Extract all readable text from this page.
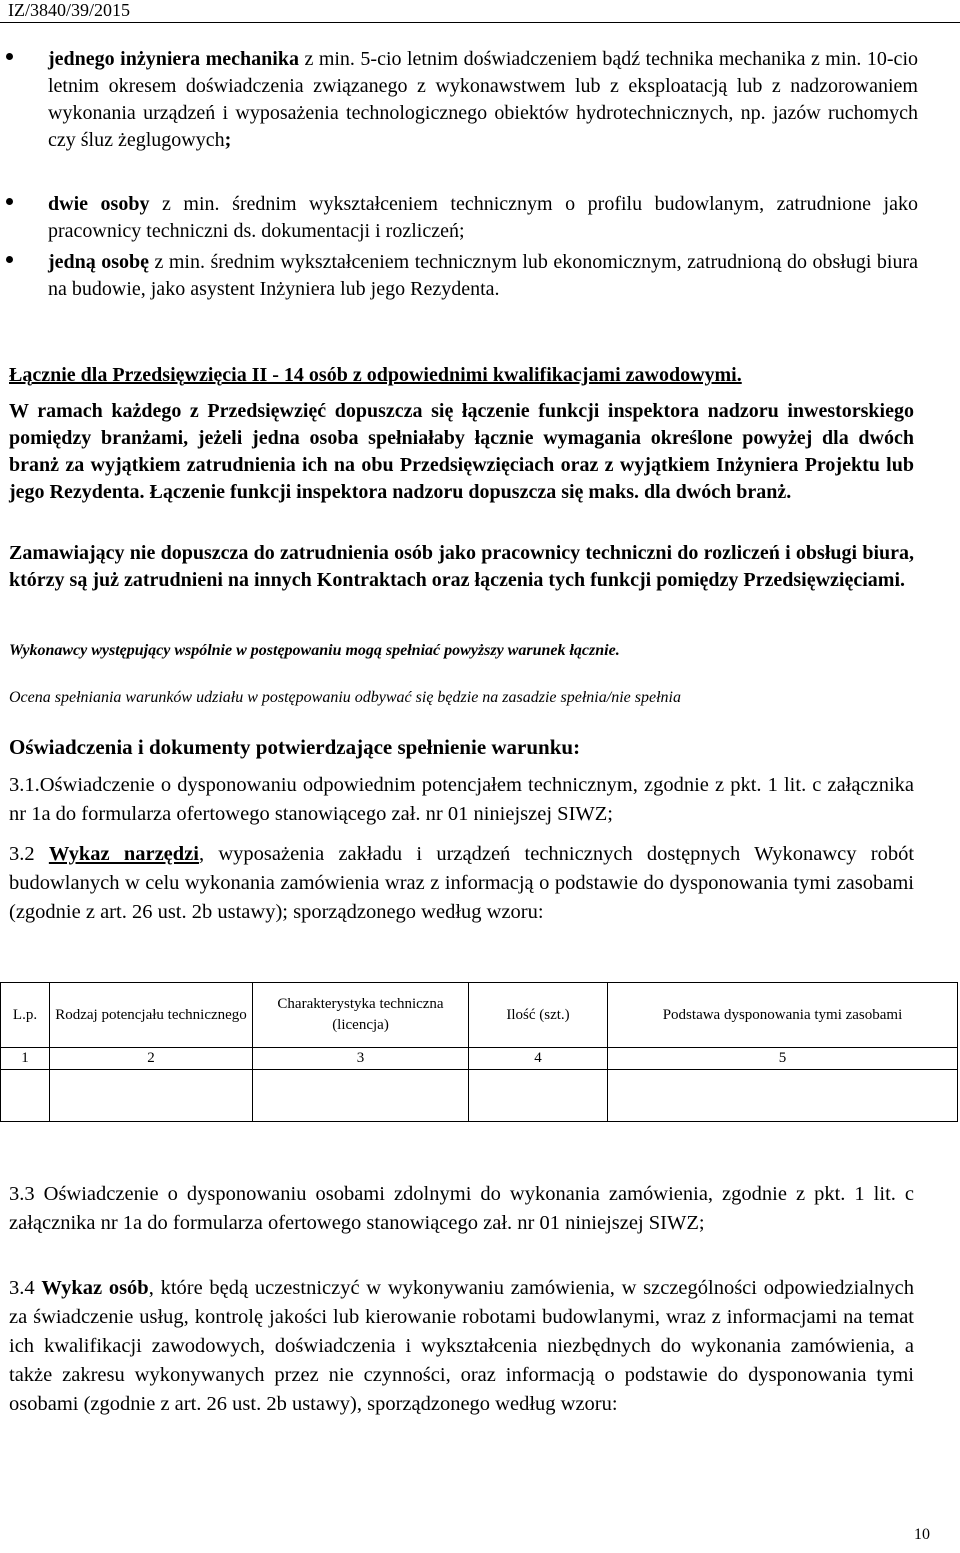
IZ/3840/39/2015
jednego inżyniera mechanika z min. 5-cio letnim doświadczeniem bądź technika mechanika z min. 10-cio letnim okresem doświadczenia związanego z wykonawstwem lub z eksploatacją lub z nadzorowaniem wykonania urządzeń i wyposażenia technologicznego obiektów hydrotechnicznych, np. jazów ruchomych czy śluz żeglugowych;
dwie osoby z min. średnim wykształceniem technicznym o profilu budowlanym, zatrudnione jako pracownicy techniczni ds. dokumentacji i rozliczeń;
jedną osobę z min. średnim wykształceniem technicznym lub ekonomicznym, zatrudnioną do obsługi biura na budowie, jako asystent Inżyniera lub jego Rezydenta.
Łącznie dla Przedsięwzięcia II - 14 osób z odpowiednimi kwalifikacjami zawodowymi.
W ramach każdego z Przedsięwzięć dopuszcza się łączenie funkcji inspektora nadzoru inwestorskiego pomiędzy branżami, jeżeli jedna osoba spełniałaby łącznie wymagania określone powyżej dla dwóch branż za wyjątkiem zatrudnienia ich na obu Przedsięwzięciach oraz z wyjątkiem Inżyniera Projektu lub jego Rezydenta. Łączenie funkcji inspektora nadzoru dopuszcza się maks. dla dwóch branż.
Zamawiający nie dopuszcza do zatrudnienia osób jako pracownicy techniczni do rozliczeń i obsługi biura, którzy są już zatrudnieni na innych Kontraktach oraz łączenia tych funkcji pomiędzy Przedsięwzięciami.
Wykonawcy występujący wspólnie w postępowaniu mogą spełniać powyższy warunek łącznie.
Ocena spełniania warunków udziału w postępowaniu odbywać się będzie na zasadzie spełnia/nie spełnia
Oświadczenia i dokumenty potwierdzające spełnienie warunku:
3.1.Oświadczenie o dysponowaniu odpowiednim potencjałem technicznym, zgodnie z pkt. 1 lit. c załącznika nr 1a do formularza ofertowego stanowiącego zał. nr 01 niniejszej SIWZ;
3.2 Wykaz narzędzi, wyposażenia zakładu i urządzeń technicznych dostępnych Wykonawcy robót budowlanych w celu wykonania zamówienia wraz z informacją o podstawie do dysponowania tymi zasobami (zgodnie z art. 26 ust. 2b ustawy); sporządzonego według wzoru:
L.p.	Rodzaj potencjału technicznego	Charakterystyka techniczna (licencja)	Ilość (szt.)	Podstawa dysponowania tymi zasobami
1	2	3	4	5

3.3 Oświadczenie o dysponowaniu osobami zdolnymi do wykonania zamówienia, zgodnie z pkt. 1 lit. c załącznika nr 1a do formularza ofertowego stanowiącego zał. nr 01 niniejszej SIWZ;
3.4 Wykaz osób, które będą uczestniczyć w wykonywaniu zamówienia, w szczególności odpowiedzialnych za świadczenie usług, kontrolę jakości lub kierowanie robotami budowlanymi, wraz z informacjami na temat ich kwalifikacji zawodowych, doświadczenia i wykształcenia niezbędnych do wykonania zamówienia, a także zakresu wykonywanych przez nie czynności, oraz informacją o podstawie do dysponowania tymi osobami (zgodnie z art. 26 ust. 2b ustawy), sporządzonego według wzoru:
10
